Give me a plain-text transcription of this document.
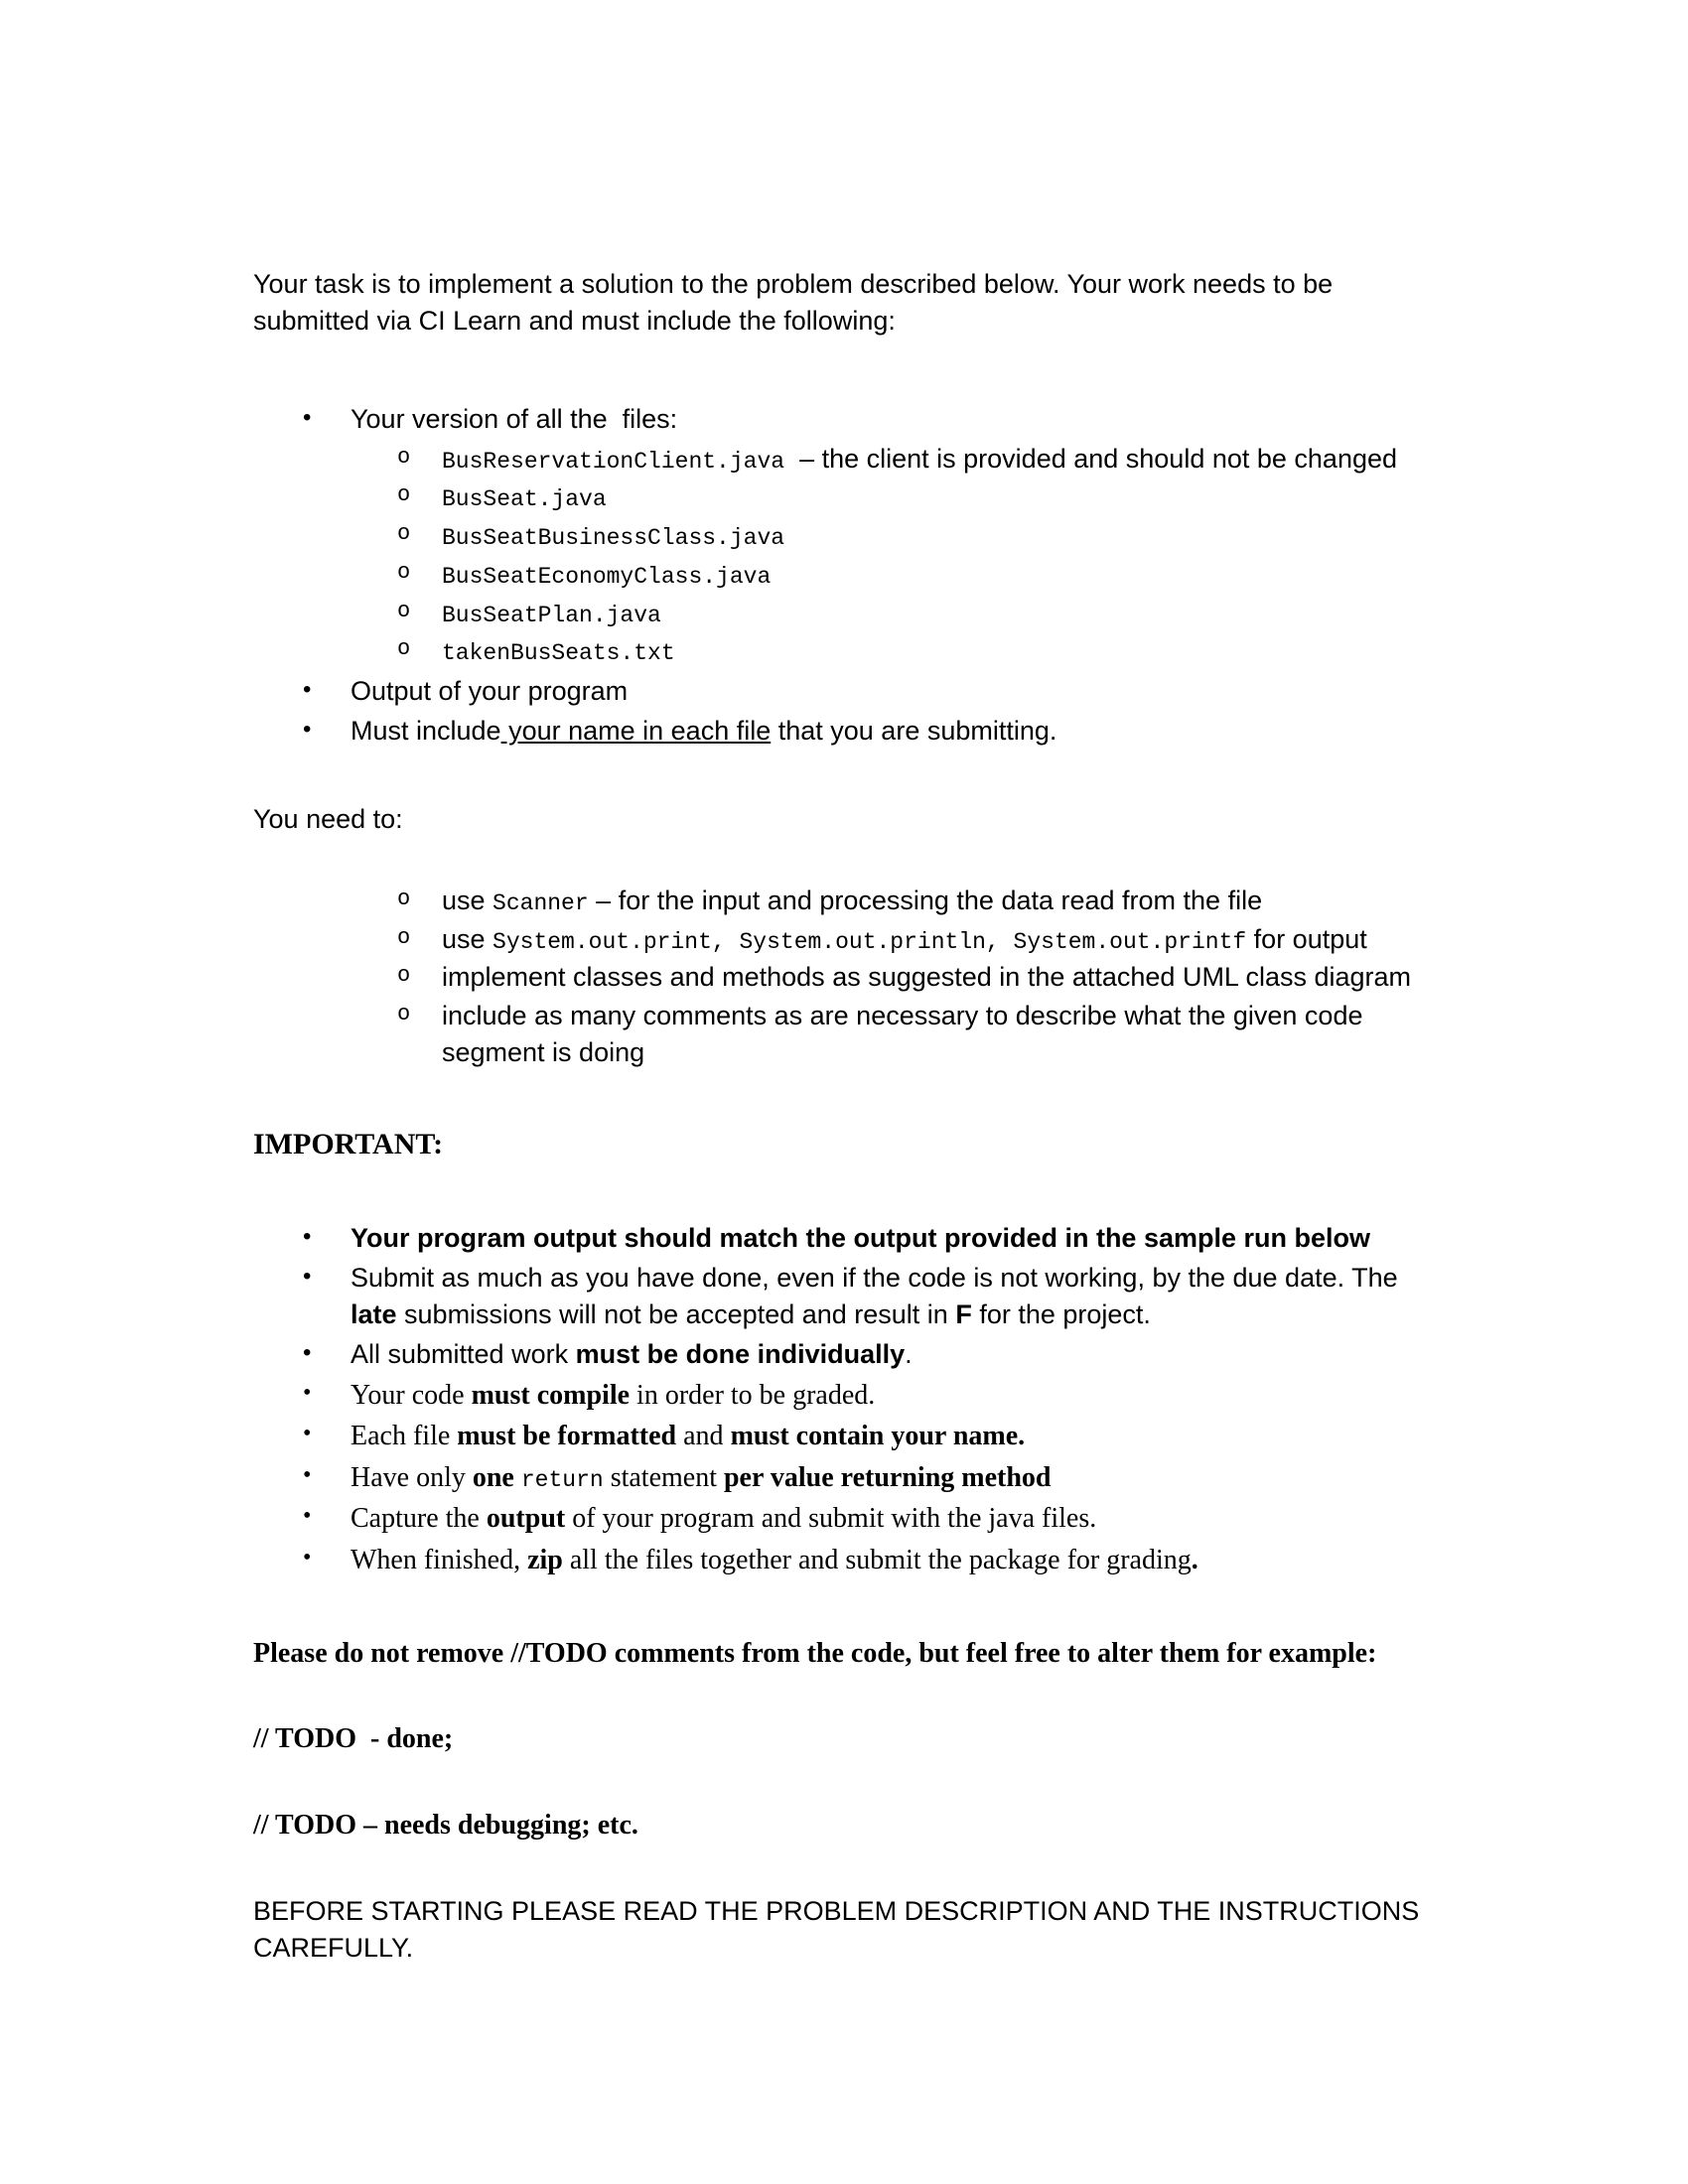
Your task is to implement a solution to the problem described below. Your work needs to be submitted via CI Learn and must include the following:
•	Your version of all the  files:
o	BusReservationClient.java  – the client is provided and should not be changed
o	BusSeat.java
o	BusSeatBusinessClass.java
o	BusSeatEconomyClass.java
o	BusSeatPlan.java
o	takenBusSeats.txt
•	Output of your program
•	Must include your name in each file that you are submitting.
You need to:
o	use Scanner – for the input and processing the data read from the file
o	use System.out.print, System.out.println, System.out.printf for output
o	implement classes and methods as suggested in the attached UML class diagram
o	include as many comments as are necessary to describe what the given code segment is doing
IMPORTANT:
•	Your program output should match the output provided in the sample run below
•	Submit as much as you have done, even if the code is not working, by the due date. The late submissions will not be accepted and result in F for the project.
•	All submitted work must be done individually.
•	Your code must compile in order to be graded.
•	Each file must be formatted and must contain your name.
•	Have only one return statement per value returning method
•	Capture the output of your program and submit with the java files.
•	When finished, zip all the files together and submit the package for grading.
Please do not remove //TODO comments from the code, but feel free to alter them for example:
// TODO  - done;
// TODO – needs debugging; etc.
BEFORE STARTING PLEASE READ THE PROBLEM DESCRIPTION AND THE INSTRUCTIONS CAREFULLY.
